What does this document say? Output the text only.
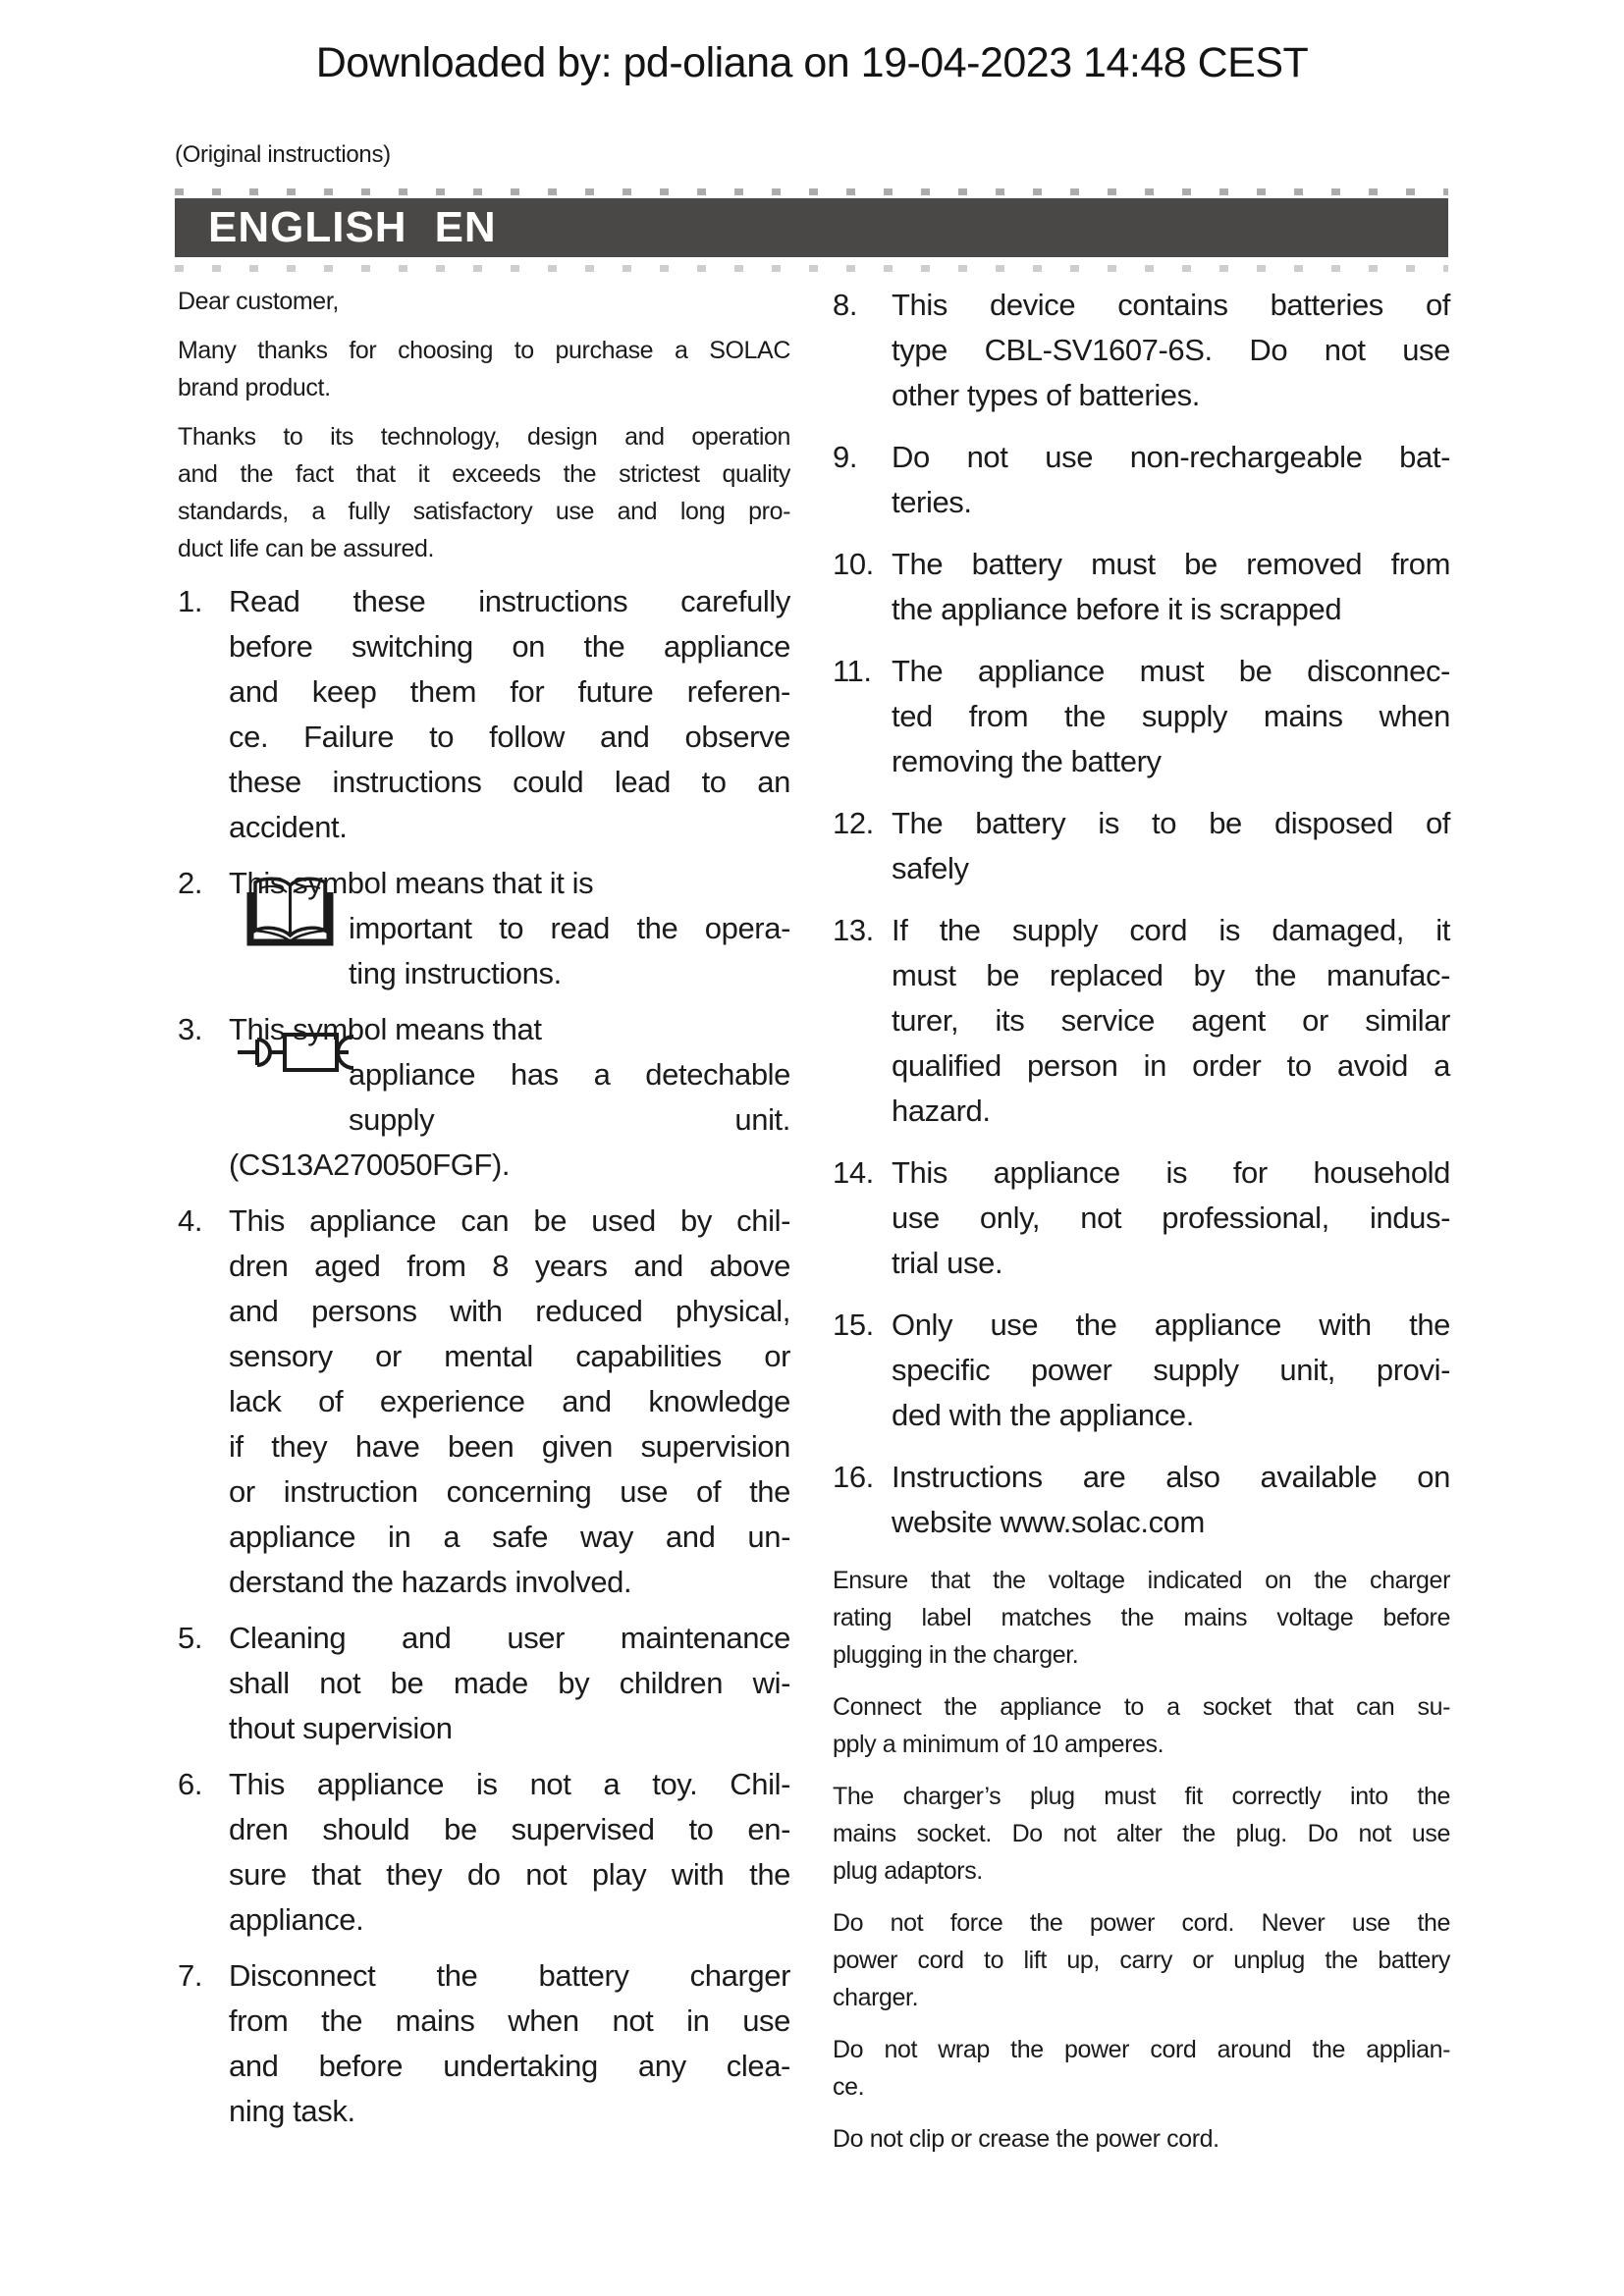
Downloaded by: pd-oliana on 19-04-2023 14:48 CEST
(Original instructions)
ENGLISH EN
Dear customer,
Many thanks for choosing to purchase a SOLAC
brand product.
Thanks to its technology, design and operation
and the fact that it exceeds the strictest quality
standards, a fully satisfactory use and long pro-
duct life can be assured.
1. Read these instructions carefully
before switching on the appliance
and keep them for future referen-
ce. Failure to follow and observe
these instructions could lead to an
accident.
2. This symbol means that it is
important to read the opera-
ting instructions.
3. This symbol means that
appliance has a detechable
supply unit.
(CS13A270050FGF).
4. This appliance can be used by chil-
dren aged from 8 years and above
and persons with reduced physical,
sensory or mental capabilities or
lack of experience and knowledge
if they have been given supervision
or instruction concerning use of the
appliance in a safe way and un-
derstand the hazards involved.
5. Cleaning and user maintenance
shall not be made by children wi-
thout supervision
6. This appliance is not a toy. Chil-
dren should be supervised to en-
sure that they do not play with the
appliance.
7. Disconnect the battery charger
from the mains when not in use
and before undertaking any clea-
ning task.
8.	This device contains batteries of
type CBL-SV1607-6S. Do not use
other types of batteries.
9.	Do not use non-rechargeable bat-
teries.
10. The battery must be removed from
the appliance before it is scrapped
11. The appliance must be disconnec-
ted from the supply mains when
removing the battery
12. The battery is to be disposed of
safely
13. If the supply cord is damaged, it
must be replaced by the manufac-
turer, its service agent or similar
qualified person in order to avoid a
hazard.
14. This appliance is for household
use only, not professional, indus-
trial use.
15. Only use the appliance with the
specific power supply unit, provi-
ded with the appliance.
16. Instructions are also available on
website www.solac.com
Ensure that the voltage indicated on the charger
rating label matches the mains voltage before
plugging in the charger.
Connect the appliance to a socket that can su-
pply a minimum of 10 amperes.
The charger’s plug must fit correctly into the
mains socket. Do not alter the plug. Do not use
plug adaptors.
Do not force the power cord. Never use the
power cord to lift up, carry or unplug the battery
charger.
Do not wrap the power cord around the applian-
ce.
Do not clip or crease the power cord.
